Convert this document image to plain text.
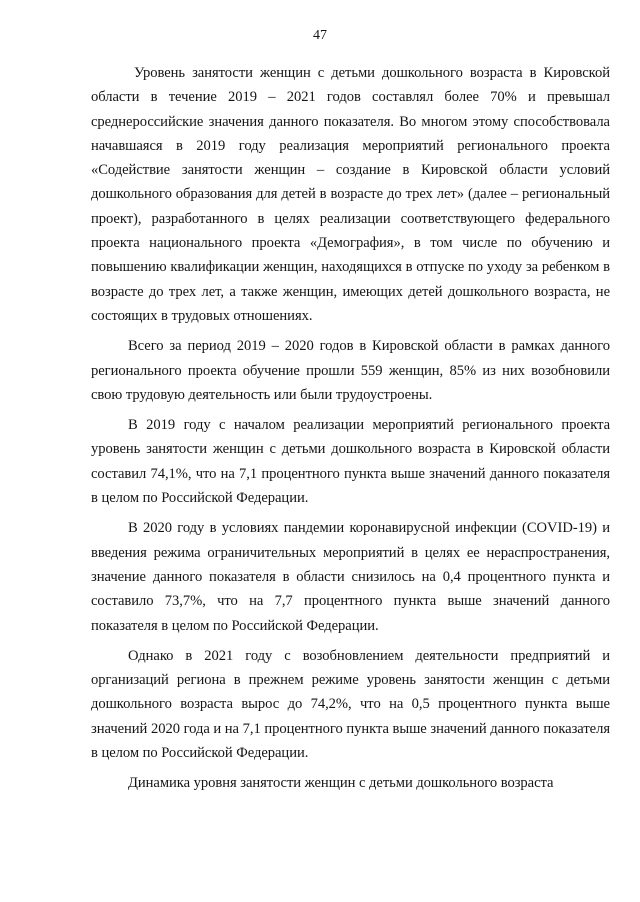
47

Уровень занятости женщин с детьми дошкольного возраста в Кировской области в течение 2019 – 2021 годов составлял более 70% и превышал среднероссийские значения данного показателя. Во многом этому способствовала начавшаяся в 2019 году реализация мероприятий регионального проекта «Содействие занятости женщин – создание в Кировской области условий дошкольного образования для детей в возрасте до трех лет» (далее – региональный проект), разработанного в целях реализации соответствующего федерального проекта национального проекта «Демография», в том числе по обучению и повышению квалификации женщин, находящихся в отпуске по уходу за ребенком в возрасте до трех лет, а также женщин, имеющих детей дошкольного возраста, не состоящих в трудовых отношениях.

Всего за период 2019 – 2020 годов в Кировской области в рамках данного регионального проекта обучение прошли 559 женщин, 85% из них возобновили свою трудовую деятельность или были трудоустроены.

В 2019 году с началом реализации мероприятий регионального проекта уровень занятости женщин с детьми дошкольного возраста в Кировской области составил 74,1%, что на 7,1 процентного пункта выше значений данного показателя в целом по Российской Федерации.

В 2020 году в условиях пандемии коронавирусной инфекции (COVID-19) и введения режима ограничительных мероприятий в целях ее нераспространения, значение данного показателя в области снизилось на 0,4 процентного пункта и составило 73,7%, что на 7,7 процентного пункта выше значений данного показателя в целом по Российской Федерации.

Однако в 2021 году с возобновлением деятельности предприятий и организаций региона в прежнем режиме уровень занятости женщин с детьми дошкольного возраста вырос до 74,2%, что на 0,5 процентного пункта выше значений 2020 года и на 7,1 процентного пункта выше значений данного показателя в целом по Российской Федерации.

Динамика уровня занятости женщин с детьми дошкольного возраста
